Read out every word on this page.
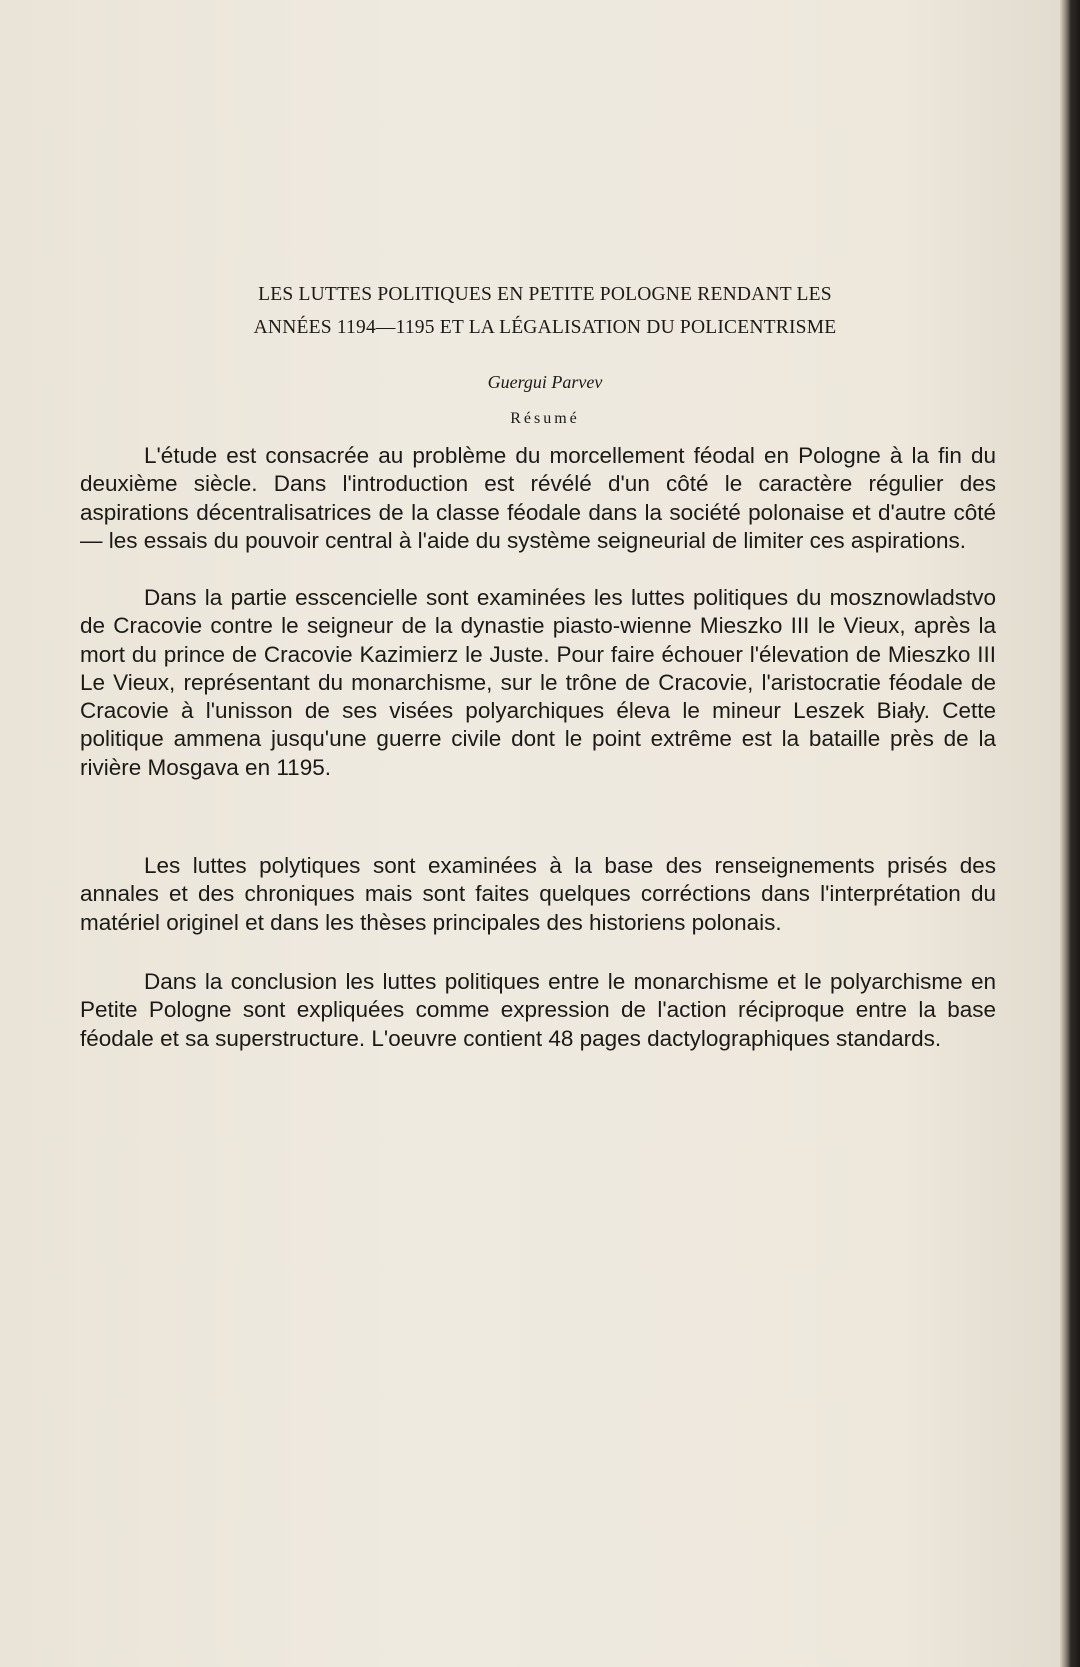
LES LUTTES POLITIQUES EN PETITE POLOGNE RENDANT LES
ANNÉES 1194—1195 ET LA LÉGALISATION DU POLICENTRISME
Guergui Parvev
Résumé

L'étude est consacrée au problème du morcellement féodal en Pologne à la fin du deuxième siècle. Dans l'introduction est révélé d'un côté le caractère régulier des aspirations décentralisatrices de la classe féodale dans la société polonaise et d'autre côté — les essais du pouvoir central à l'aide du système seigneurial de limiter ces aspirations.

Dans la partie esscencielle sont examinées les luttes politiques du mosznowladstvo de Cracovie contre le seigneur de la dynastie piasto-wienne Mieszko III le Vieux, après la mort du prince de Cracovie Kazimierz le Juste. Pour faire échouer l'élevation de Mieszko III Le Vieux, représentant du monarchisme, sur le trône de Cracovie, l'aristocratie féodale de Cracovie à l'unisson de ses visées polyarchiques éleva le mineur Leszek Biały. Cette politique ammena jusqu'une guerre civile dont le point extrême est la bataille près de la rivière Mosgava en 1195.

Les luttes polytiques sont examinées à la base des renseignements prisés des annales et des chroniques mais sont faites quelques corréctions dans l'interprétation du matériel originel et dans les thèses principales des historiens polonais.

Dans la conclusion les luttes politiques entre le monarchisme et le polyarchisme en Petite Pologne sont expliquées comme expression de l'action réciproque entre la base féodale et sa superstructure. L'oeuvre contient 48 pages dactylographiques standards.
